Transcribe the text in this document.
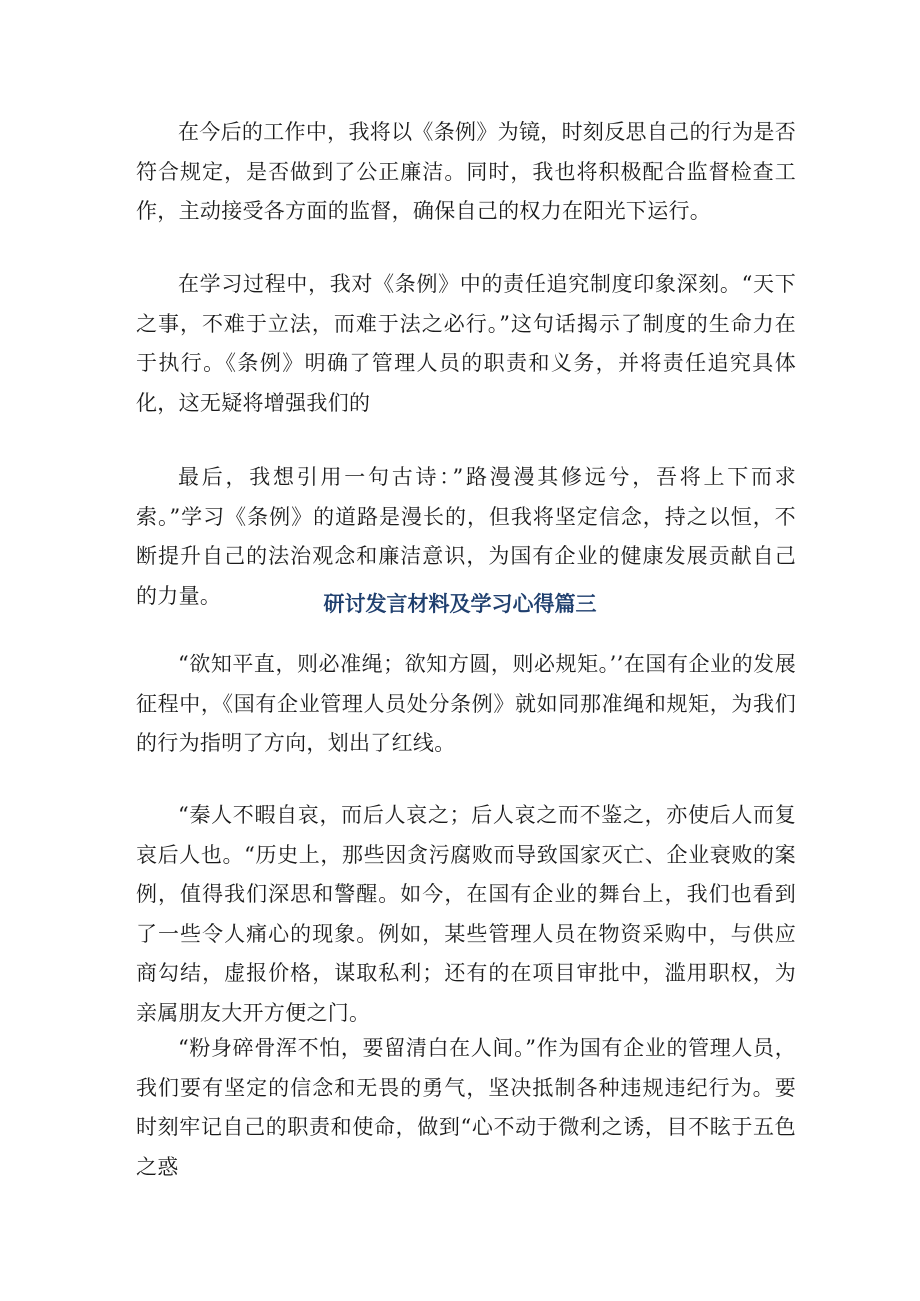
在今后的工作中，我将以《条例》为镜，时刻反思自己的行为是否符合规定，是否做到了公正廉洁。同时，我也将积极配合监督检查工作，主动接受各方面的监督，确保自己的权力在阳光下运行。

在学习过程中，我对《条例》中的责任追究制度印象深刻。“天下之事，不难于立法，而难于法之必行。”这句话揭示了制度的生命力在于执行。《条例》明确了管理人员的职责和义务，并将责任追究具体化，这无疑将增强我们的

最后，我想引用一句古诗：”路漫漫其修远兮，吾将上下而求索。”学习《条例》的道路是漫长的，但我将坚定信念，持之以恒，不断提升自己的法治观念和廉洁意识，为国有企业的健康发展贡献自己的力量。	研讨发言材料及学习心得篇三

“欲知平直，则必准绳；欲知方圆，则必规矩。’’在国有企业的发展征程中，《国有企业管理人员处分条例》就如同那准绳和规矩，为我们的行为指明了方向，划出了红线。

“秦人不暇自哀，而后人哀之；后人哀之而不鉴之，亦使后人而复哀后人也。“历史上，那些因贪污腐败而导致国家灭亡、企业衰败的案例，值得我们深思和警醒。如今，在国有企业的舞台上，我们也看到了一些令人痛心的现象。例如，某些管理人员在物资采购中，与供应商勾结，虚报价格，谋取私利；还有的在项目审批中，滥用职权，为亲属朋友大开方便之门。

“粉身碎骨浑不怕，要留清白在人间。”作为国有企业的管理人员，我们要有坚定的信念和无畏的勇气，坚决抵制各种违规违纪行为。要时刻牢记自己的职责和使命，做到“心不动于微利之诱，目不眩于五色之惑
